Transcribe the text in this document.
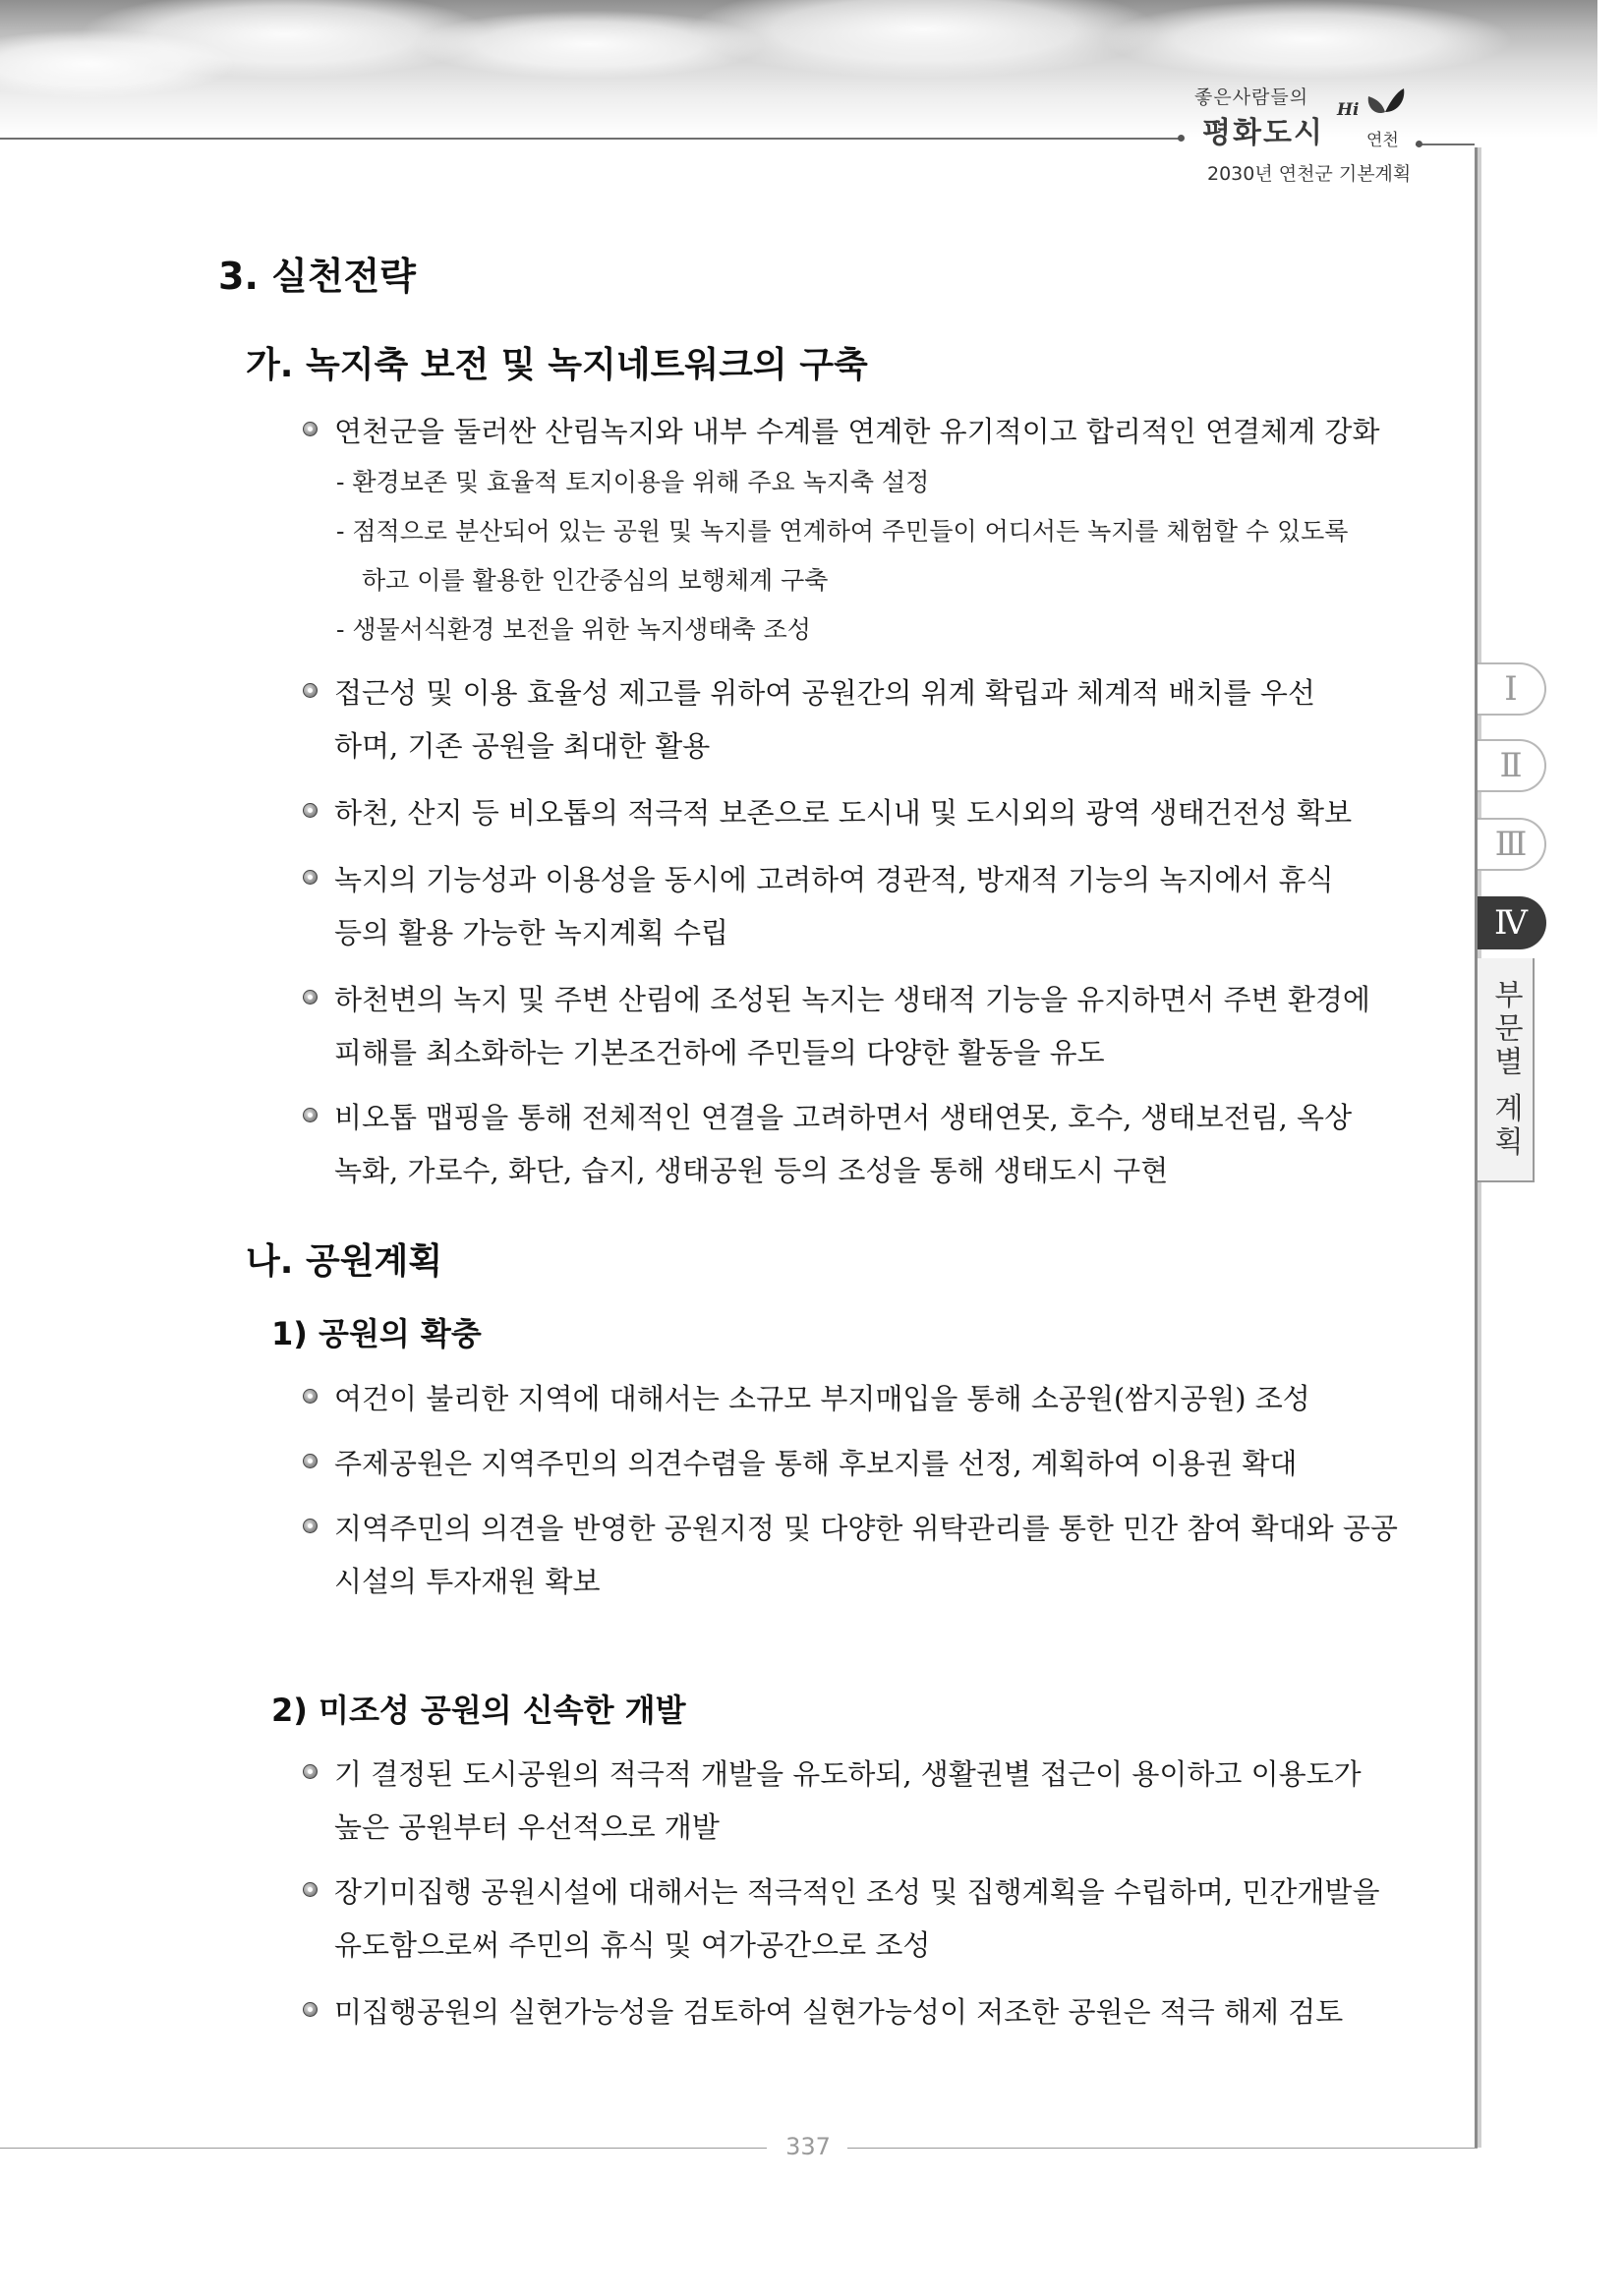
좋은사람들의
평화도시
Hi
연천
2030년 연천군 기본계획
Ⅰ
Ⅱ
Ⅲ
Ⅳ
부문별 계획
3. 실천전략
가. 녹지축 보전 및 녹지네트워크의 구축
연천군을 둘러싼 산림녹지와 내부 수계를 연계한 유기적이고 합리적인 연결체계 강화
- 환경보존 및 효율적 토지이용을 위해 주요 녹지축 설정
- 점적으로 분산되어 있는 공원 및 녹지를 연계하여 주민들이 어디서든 녹지를 체험할 수 있도록
하고 이를 활용한 인간중심의 보행체계 구축
- 생물서식환경 보전을 위한 녹지생태축 조성
접근성 및 이용 효율성 제고를 위하여 공원간의 위계 확립과 체계적 배치를 우선
하며, 기존 공원을 최대한 활용
하천, 산지 등 비오톱의 적극적 보존으로 도시내 및 도시외의 광역 생태건전성 확보
녹지의 기능성과 이용성을 동시에 고려하여 경관적, 방재적 기능의 녹지에서 휴식
등의 활용 가능한 녹지계획 수립
하천변의 녹지 및 주변 산림에 조성된 녹지는 생태적 기능을 유지하면서 주변 환경에
피해를 최소화하는 기본조건하에 주민들의 다양한 활동을 유도
비오톱 맵핑을 통해 전체적인 연결을 고려하면서 생태연못, 호수, 생태보전림, 옥상
녹화, 가로수, 화단, 습지, 생태공원 등의 조성을 통해 생태도시 구현
나. 공원계획
1) 공원의 확충
여건이 불리한 지역에 대해서는 소규모 부지매입을 통해 소공원(쌈지공원) 조성
주제공원은 지역주민의 의견수렴을 통해 후보지를 선정, 계획하여 이용권 확대
지역주민의 의견을 반영한 공원지정 및 다양한 위탁관리를 통한 민간 참여 확대와 공공
시설의 투자재원 확보
2) 미조성 공원의 신속한 개발
기 결정된 도시공원의 적극적 개발을 유도하되, 생활권별 접근이 용이하고 이용도가
높은 공원부터 우선적으로 개발
장기미집행 공원시설에 대해서는 적극적인 조성 및 집행계획을 수립하며, 민간개발을
유도함으로써 주민의 휴식 및 여가공간으로 조성
미집행공원의 실현가능성을 검토하여 실현가능성이 저조한 공원은 적극 해제 검토
337
